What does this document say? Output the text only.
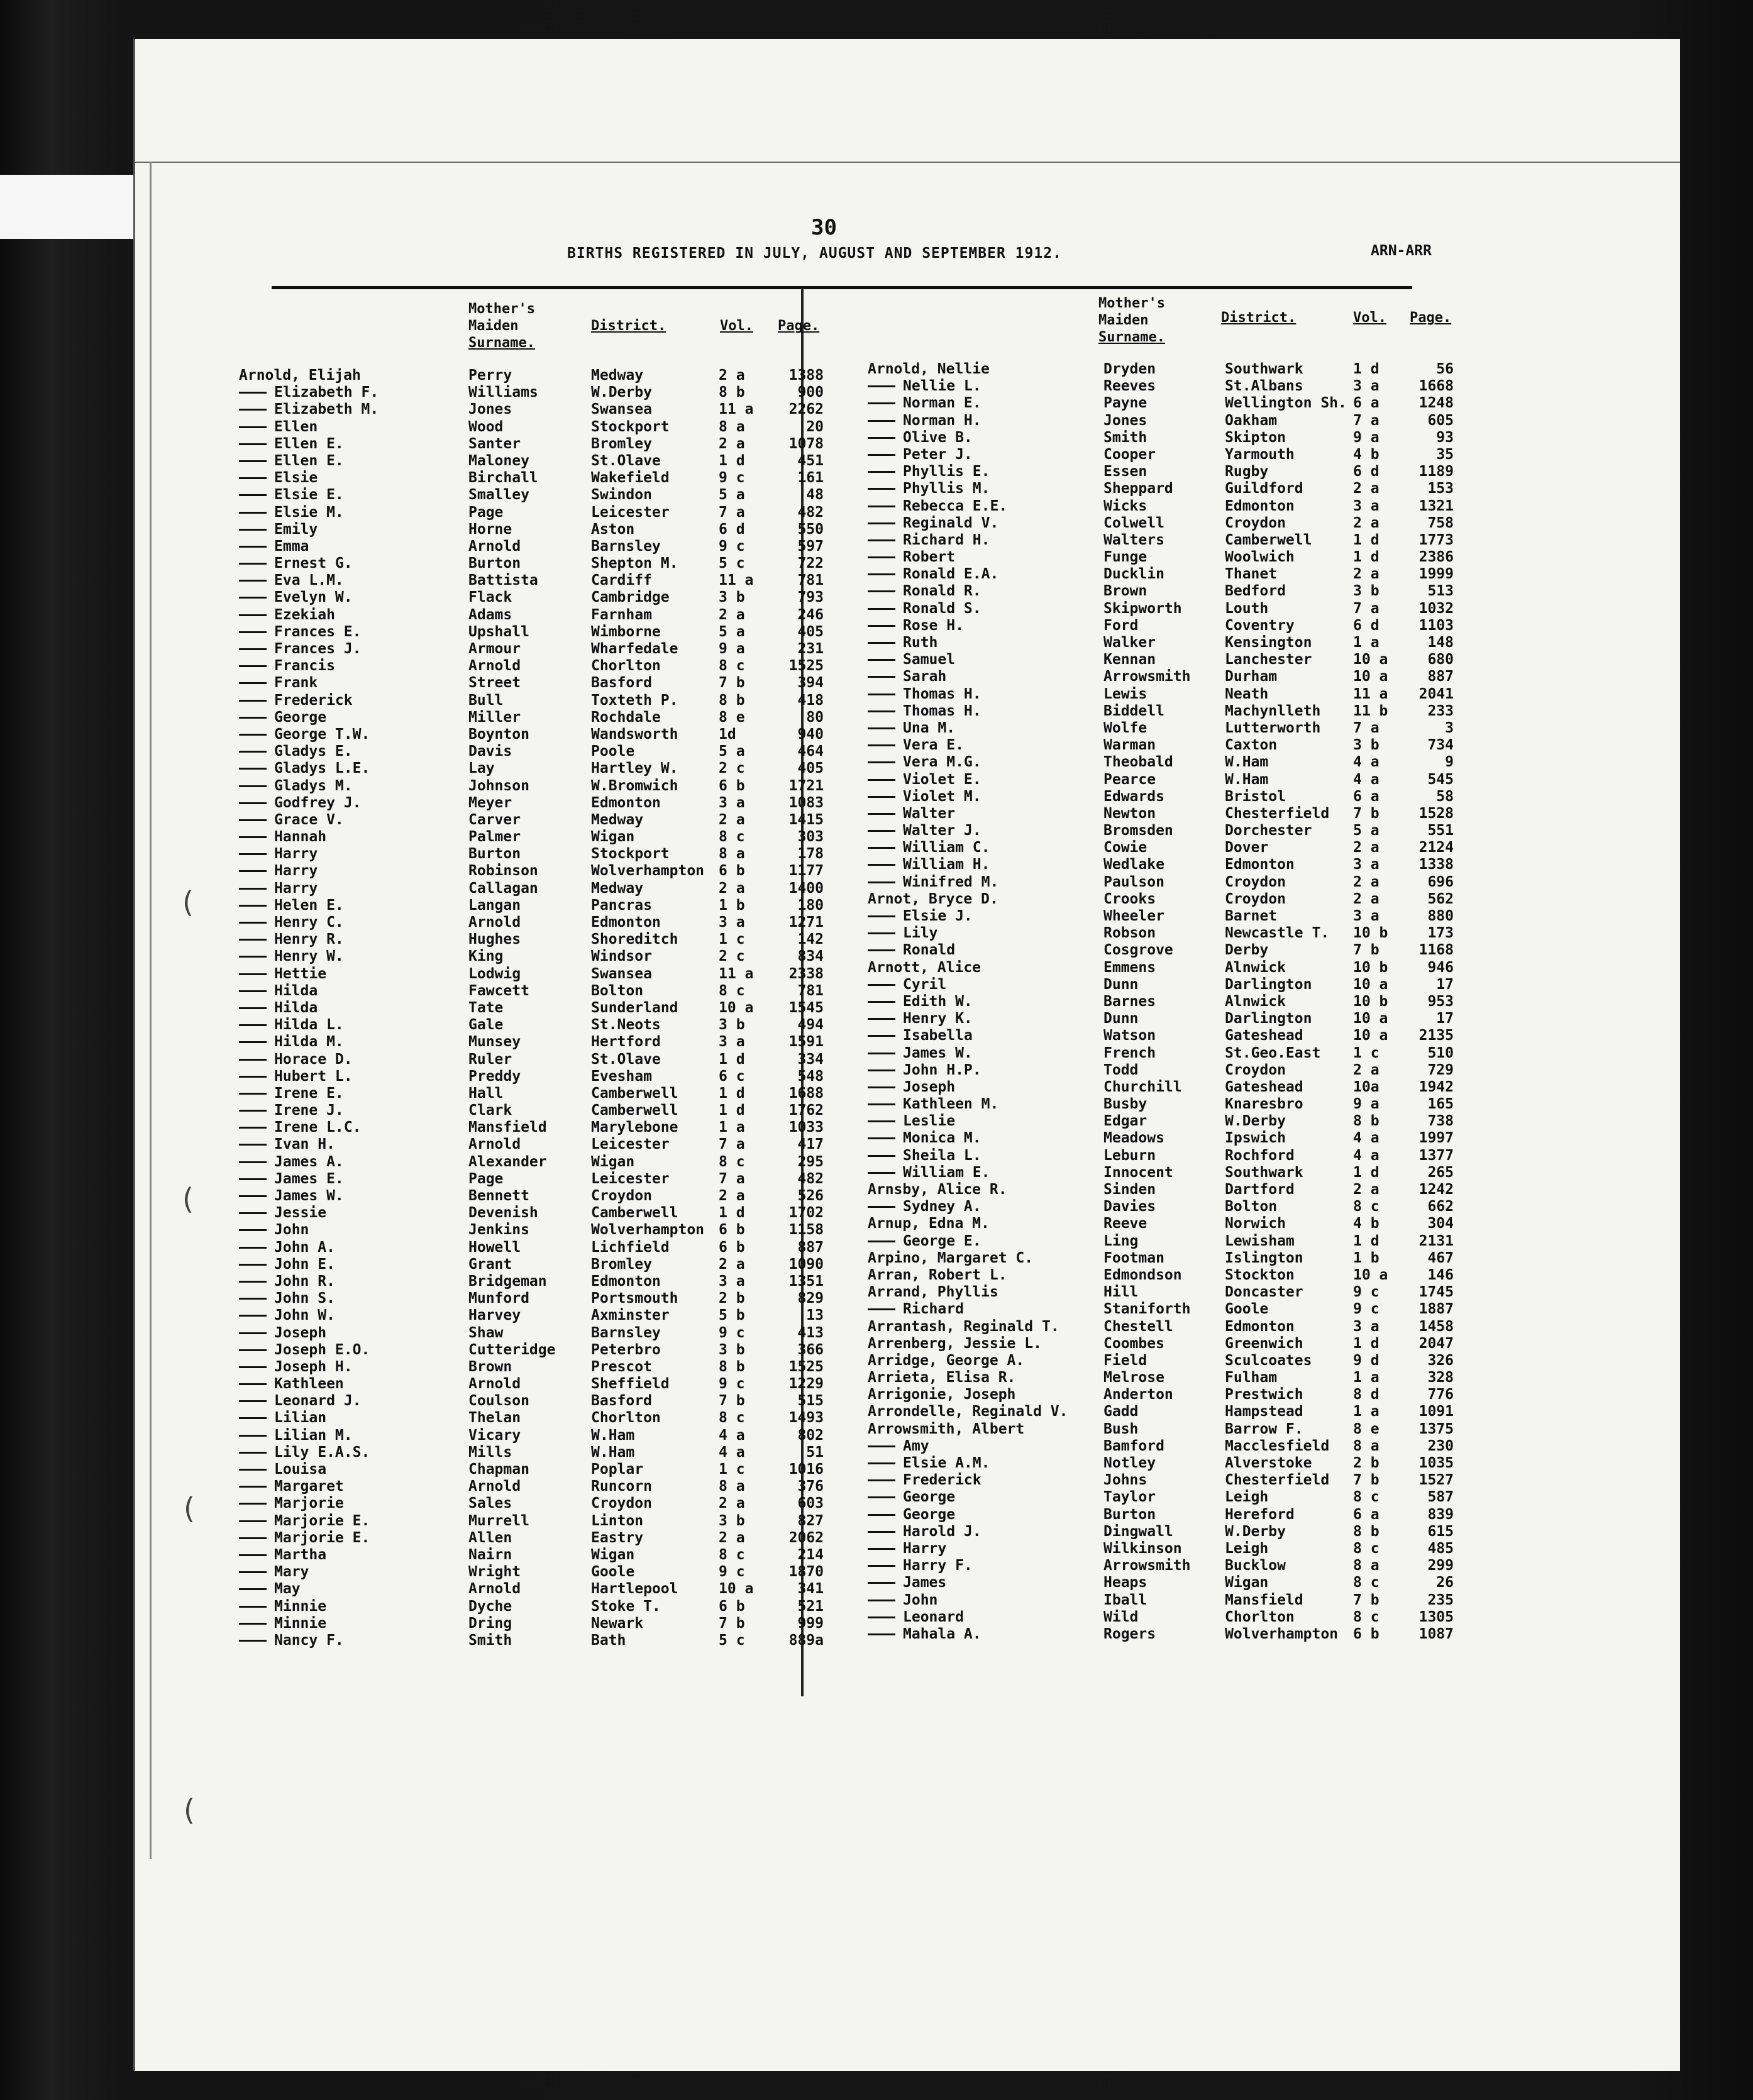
30
BIRTHS REGISTERED IN JULY, AUGUST AND SEPTEMBER 1912.	ARN-ARR
Mother's
Maiden
Surname.
District.	Vol. Page.
Mother's
Maiden
Surname.
District.	Vol. Page.
Arnold, Elijah	Perry	Medway	2 a	1388
Elizabeth F.	Williams	W.Derby	8 b	900
Elizabeth M.	Jones	Swansea	11 a	2262
Ellen	Wood	Stockport	8 a	20
Ellen E.	Santer	Bromley	2 a	1078
Ellen E.	Maloney	St.Olave	1 d	451
Elsie	Birchall	Wakefield	9 c	161
Elsie E.	Smalley	Swindon	5 a	48
Elsie M.	Page	Leicester	7 a	482
Emily	Horne	Aston	6 d	550
Emma	Arnold	Barnsley	9 c	597
Ernest G.	Burton	Shepton M.	5 c	722
Eva L.M.	Battista	Cardiff	11 a	781
Evelyn W.	Flack	Cambridge	3 b	793
Ezekiah	Adams	Farnham	2 a	246
Frances E.	Upshall	Wimborne	5 a	405
Frances J.	Armour	Wharfedale	9 a	231
Francis	Arnold	Chorlton	8 c	1525
Frank	Street	Basford	7 b	394
Frederick	Bull	Toxteth P.	8 b	418
George	Miller	Rochdale	8 e	80
George T.W.	Boynton	Wandsworth	1d	940
Gladys E.	Davis	Poole	5 a	464
Gladys L.E.	Lay	Hartley W.	2 c	405
Gladys M.	Johnson	W.Bromwich	6 b	1721
Godfrey J.	Meyer	Edmonton	3 a	1083
Grace V.	Carver	Medway	2 a	1415
Hannah	Palmer	Wigan	8 c	303
Harry	Burton	Stockport	8 a	178
Harry	Robinson	Wolverhampton 6 b	1177
Harry	Callagan	Medway	2 a	1400
Helen E.	Langan	Pancras	1 b	180
Henry C.	Arnold	Edmonton	3 a	1271
Henry R.	Hughes	Shoreditch	1 c	142
Henry W.	King	Windsor	2 c	834
Hettie	Lodwig	Swansea	11 a	2338
Hilda	Fawcett	Bolton	8 c	781
Hilda	Tate	Sunderland	10 a	1545
Hilda L.	Gale	St.Neots	3 b	494
Hilda M.	Munsey	Hertford	3 a	1591
Horace D.	Ruler	St.Olave	1 d	334
Hubert L.	Preddy	Evesham	6 c	548
Irene E.	Hall	Camberwell	1 d	1688
Irene J.	Clark	Camberwell	1 d	1762
Irene L.C.	Mansfield	Marylebone	1 a	1033
Ivan H.	Arnold	Leicester	7 a	417
James A.	Alexander	Wigan	8 c	295
James E.	Page	Leicester	7 a	482
James W.	Bennett	Croydon	2 a	526
Jessie	Devenish	Camberwell	1 d	1702
John	Jenkins	Wolverhampton 6 b	1158
John A.	Howell	Lichfield	6 b	887
John E.	Grant	Bromley	2 a	1090
John R.	Bridgeman	Edmonton	3 a	1351
John S.	Munford	Portsmouth	2 b	829
John W.	Harvey	Axminster	5 b	13
Joseph	Shaw	Barnsley	9 c	413
Joseph E.O.	Cutteridge Peterbro	3 b	366
Joseph H.	Brown	Prescot	8 b	1525
Kathleen	Arnold	Sheffield	9 c	1229
Leonard J.	Coulson	Basford	7 b	515
Lilian	Thelan	Chorlton	8 c	1493
Lilian M.	Vicary	W.Ham	4 a	802
Lily E.A.S.	Mills	W.Ham	4 a	51
Louisa	Chapman	Poplar	1 c	1016
Margaret	Arnold	Runcorn	8 a	376
Marjorie	Sales	Croydon	2 a	603
Marjorie E.	Murrell	Linton	3 b	827
Marjorie E.	Allen	Eastry	2 a	2062
Martha	Nairn	Wigan	8 c	214
Mary	Wright	Goole	9 c	1870
May	Arnold	Hartlepool	10 a	341
Minnie	Dyche	Stoke T.	6 b	521
Minnie	Dring	Newark	7 b	999
Nancy F.	Smith	Bath	5 c	889a
Arnold, Nellie	Dryden	Southwark	1 d	56
Nellie L.	Reeves	St.Albans	3 a	1668
Norman E.	Payne	Wellington Sh. 6 a	1248
Norman H.	Jones	Oakham	7 a	605
Olive B.	Smith	Skipton	9 a	93
Peter J.	Cooper	Yarmouth	4 b	35
Phyllis E.	Essen	Rugby	6 d	1189
Phyllis M.	Sheppard	Guildford	2 a	153
Rebecca E.E.	Wicks	Edmonton	3 a	1321
Reginald V.	Colwell	Croydon	2 a	758
Richard H.	Walters	Camberwell	1 d	1773
Robert	Funge	Woolwich	1 d	2386
Ronald E.A.	Ducklin	Thanet	2 a	1999
Ronald R.	Brown	Bedford	3 b	513
Ronald S.	Skipworth	Louth	7 a	1032
Rose H.	Ford	Coventry	6 d	1103
Ruth	Walker	Kensington	1 a	148
Samuel	Kennan	Lanchester	10 a	680
Sarah	Arrowsmith Durham	10 a	887
Thomas H.	Lewis	Neath	11 a	2041
Thomas H.	Biddell	Machynlleth 11 b	233
Una M.	Wolfe	Lutterworth 7 a	3
Vera E.	Warman	Caxton	3 b	734
Vera M.G.	Theobald	W.Ham	4 a	9
Violet E.	Pearce	W.Ham	4 a	545
Violet M.	Edwards	Bristol	6 a	58
Walter	Newton	Chesterfield 7 b	1528
Walter J.	Bromsden	Dorchester	5 a	551
William C.	Cowie	Dover	2 a	2124
William H.	Wedlake	Edmonton	3 a	1338
Winifred M.	Paulson	Croydon	2 a	696
Arnot, Bryce D.	Crooks	Croydon	2 a	562
Elsie J.	Wheeler	Barnet	3 a	880
Lily	Robson	Newcastle T. 10 b	173
Ronald	Cosgrove	Derby	7 b	1168
Arnott, Alice	Emmens	Alnwick	10 b	946
Cyril	Dunn	Darlington	10 a	17
Edith W.	Barnes	Alnwick	10 b	953
Henry K.	Dunn	Darlington	10 a	17
Isabella	Watson	Gateshead	10 a	2135
James W.	French	St.Geo.East 1 c	510
John H.P.	Todd	Croydon	2 a	729
Joseph	Churchill	Gateshead	10a	1942
Kathleen M.	Busby	Knaresbro	9 a	165
Leslie	Edgar	W.Derby	8 b	738
Monica M.	Meadows	Ipswich	4 a	1997
Sheila L.	Leburn	Rochford	4 a	1377
William E.	Innocent	Southwark	1 d	265
Arnsby, Alice R.	Sinden	Dartford	2 a	1242
Sydney A.	Davies	Bolton	8 c	662
Arnup, Edna M.	Reeve	Norwich	4 b	304
George E.	Ling	Lewisham	1 d	2131
Arpino, Margaret C.	Footman	Islington	1 b	467
Arran, Robert L.	Edmondson	Stockton	10 a	146
Arrand, Phyllis	Hill	Doncaster	9 c	1745
Richard	Staniforth Goole	9 c	1887
Arrantash, Reginald T.	Chestell	Edmonton	3 a	1458
Arrenberg, Jessie L.	Coombes	Greenwich	1 d	2047
Arridge, George A.	Field	Sculcoates	9 d	326
Arrieta, Elisa R.	Melrose	Fulham	1 a	328
Arrigonie, Joseph	Anderton	Prestwich	8 d	776
Arrondelle, Reginald V. Gadd	Hampstead	1 a	1091
Arrowsmith, Albert	Bush	Barrow F.	8 e	1375
Amy	Bamford	Macclesfield 8 a	230
Elsie A.M.	Notley	Alverstoke	2 b	1035
Frederick	Johns	Chesterfield 7 b	1527
George	Taylor	Leigh	8 c	587
George	Burton	Hereford	6 a	839
Harold J.	Dingwall	W.Derby	8 b	615
Harry	Wilkinson	Leigh	8 c	485
Harry F.	Arrowsmith Bucklow	8 a	299
James	Heaps	Wigan	8 c	26
John	Iball	Mansfield	7 b	235
Leonard	Wild	Chorlton	8 c	1305
Mahala A.	Rogers	Wolverhampton 6 b	1087
(
(
(
(
